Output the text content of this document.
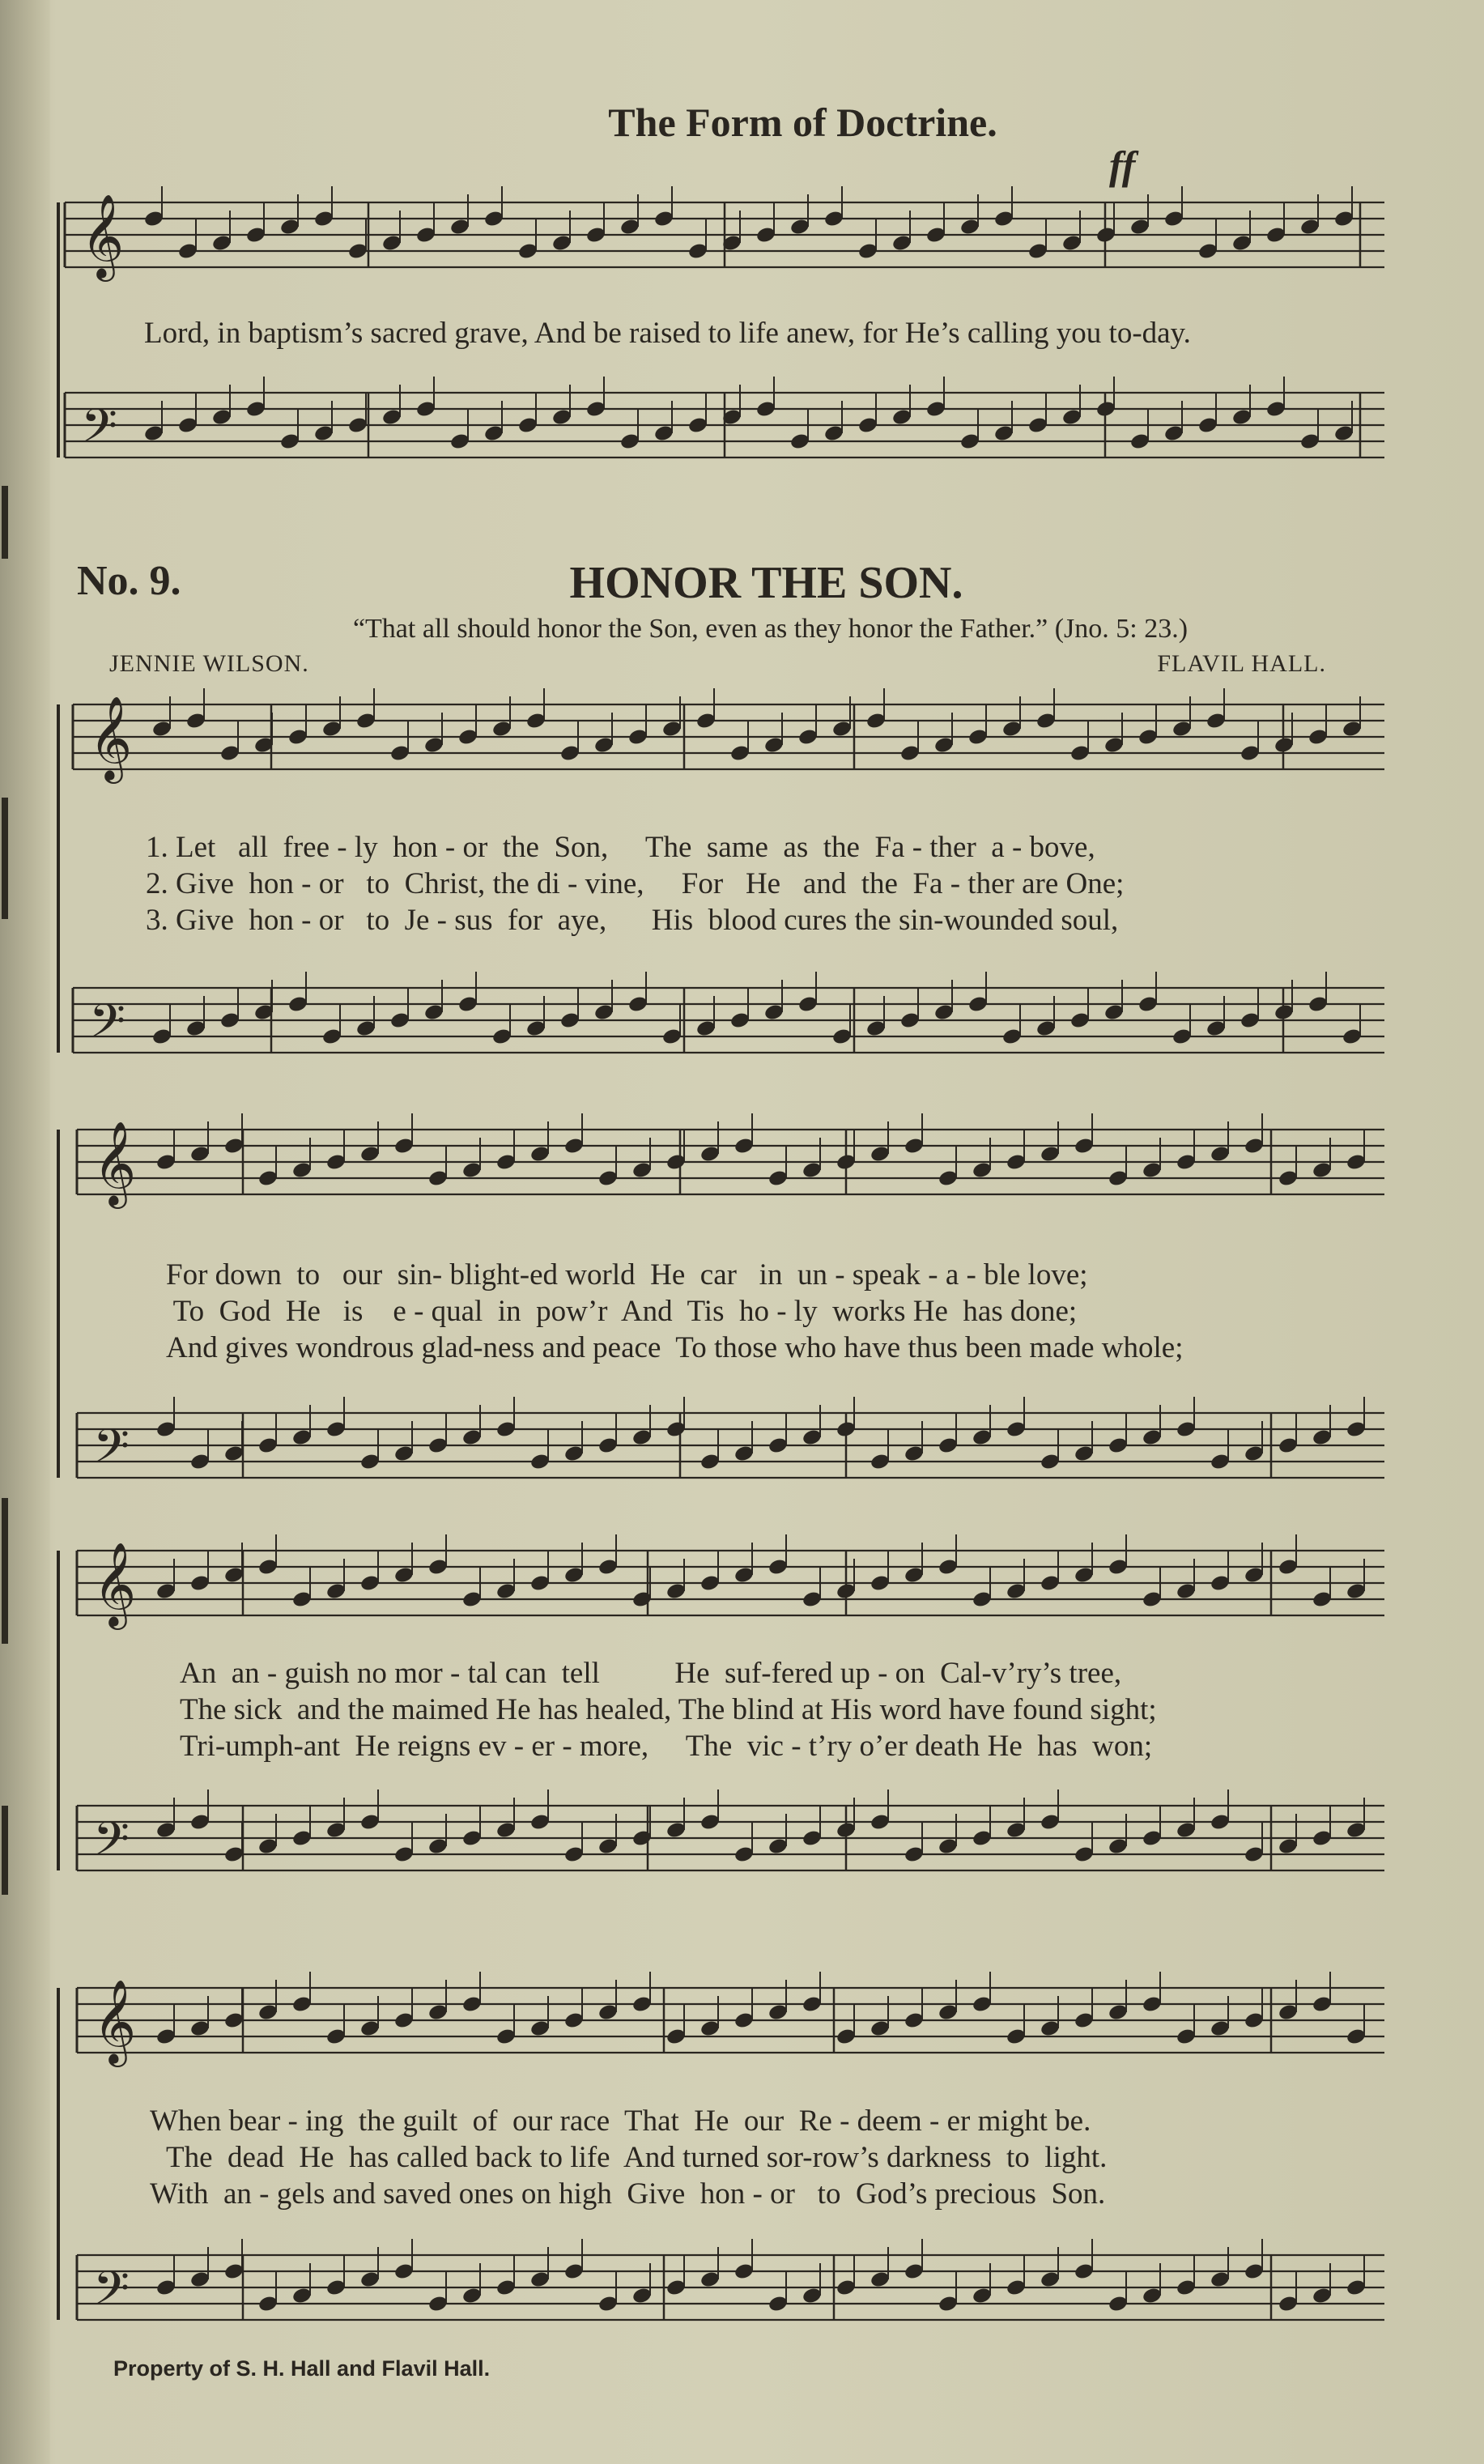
𝄞
𝄢
𝄞
𝄢
𝄞
𝄢
𝄞
𝄢
𝄞
𝄢
The Form of Doctrine.
ff
Lord, in baptism’s sacred grave, And be raised to life anew, for He’s calling you to-day.
No. 9.	HONOR THE SON.
“That all should honor the Son, even as they honor the Father.” (Jno. 5: 23.)
JENNIE WILSON.	FLAVIL HALL.
1. Let   all  free - ly  hon - or  the  Son,     The  same  as  the  Fa - ther  a - bove,
2. Give  hon - or   to  Christ, the di - vine,     For   He   and  the  Fa - ther are One;
3. Give  hon - or   to  Je - sus  for  aye,      His  blood cures the sin-wounded soul,
For down  to   our  sin- blight-ed world  He  car   in  un - speak - a - ble love;
To  God  He   is    e - qual  in  pow’r  And  Tis  ho - ly  works He  has done;
And gives wondrous glad-ness and peace  To those who have thus been made whole;
An  an - guish no mor - tal can  tell          He  suf-fered up - on  Cal-v’ry’s tree,
The sick  and the maimed He has healed, The blind at His word have found sight;
Tri-umph-ant  He reigns ev - er - more,     The  vic - t’ry o’er death He  has  won;
When bear - ing  the guilt  of  our race  That  He  our  Re - deem - er might be.
The  dead  He  has called back to life  And turned sor-row’s darkness  to  light.
With  an - gels and saved ones on high  Give  hon - or   to  God’s precious  Son.
Property of S. H. Hall and Flavil Hall.
